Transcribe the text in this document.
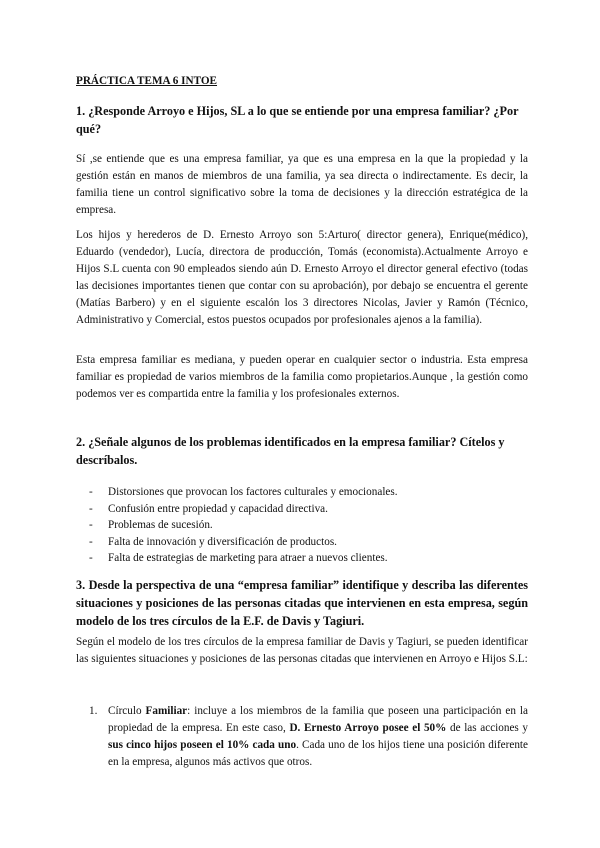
PRÁCTICA TEMA 6 INTOE
1. ¿Responde Arroyo e Hijos, SL a lo que se entiende por una empresa familiar? ¿Por qué?
Sí ,se entiende que es una empresa familiar, ya que es una empresa en la que la propiedad y la gestión están en manos de miembros de una familia, ya sea directa o indirectamente. Es decir, la familia tiene un control significativo sobre la toma de decisiones y la dirección estratégica de la empresa.
Los hijos y herederos de D. Ernesto Arroyo son 5:Arturo( director genera), Enrique(médico), Eduardo (vendedor), Lucía, directora de producción, Tomás (economista).Actualmente Arroyo e Hijos S.L cuenta con 90 empleados siendo aún D. Ernesto Arroyo el director general efectivo (todas las decisiones importantes tienen que contar con su aprobación), por debajo se encuentra el gerente (Matías Barbero) y en el siguiente escalón los 3 directores Nicolas, Javier y Ramón (Técnico, Administrativo y Comercial, estos puestos ocupados por profesionales ajenos a la familia).
Esta empresa familiar es mediana, y pueden operar en cualquier sector o industria. Esta empresa familiar es propiedad de varios miembros de la familia como propietarios.Aunque , la gestión como podemos ver es compartida entre la familia y los profesionales externos.
2. ¿Señale algunos de los problemas identificados en la empresa familiar? Cítelos y descríbalos.
- Distorsiones que provocan los factores culturales y emocionales.
- Confusión entre propiedad y capacidad directiva.
- Problemas de sucesión.
- Falta de innovación y diversificación de productos.
- Falta de estrategias de marketing para atraer a nuevos clientes.
3. Desde la perspectiva de una “empresa familiar” identifique y describa las diferentes situaciones y posiciones de las personas citadas que intervienen en esta empresa, según modelo de los tres círculos de la E.F. de Davis y Tagiuri.
Según el modelo de los tres círculos de la empresa familiar de Davis y Tagiuri, se pueden identificar las siguientes situaciones y posiciones de las personas citadas que intervienen en Arroyo e Hijos S.L:
1. Círculo Familiar: incluye a los miembros de la familia que poseen una participación en la propiedad de la empresa. En este caso, D. Ernesto Arroyo posee el 50% de las acciones y sus cinco hijos poseen el 10% cada uno. Cada uno de los hijos tiene una posición diferente en la empresa, algunos más activos que otros.
